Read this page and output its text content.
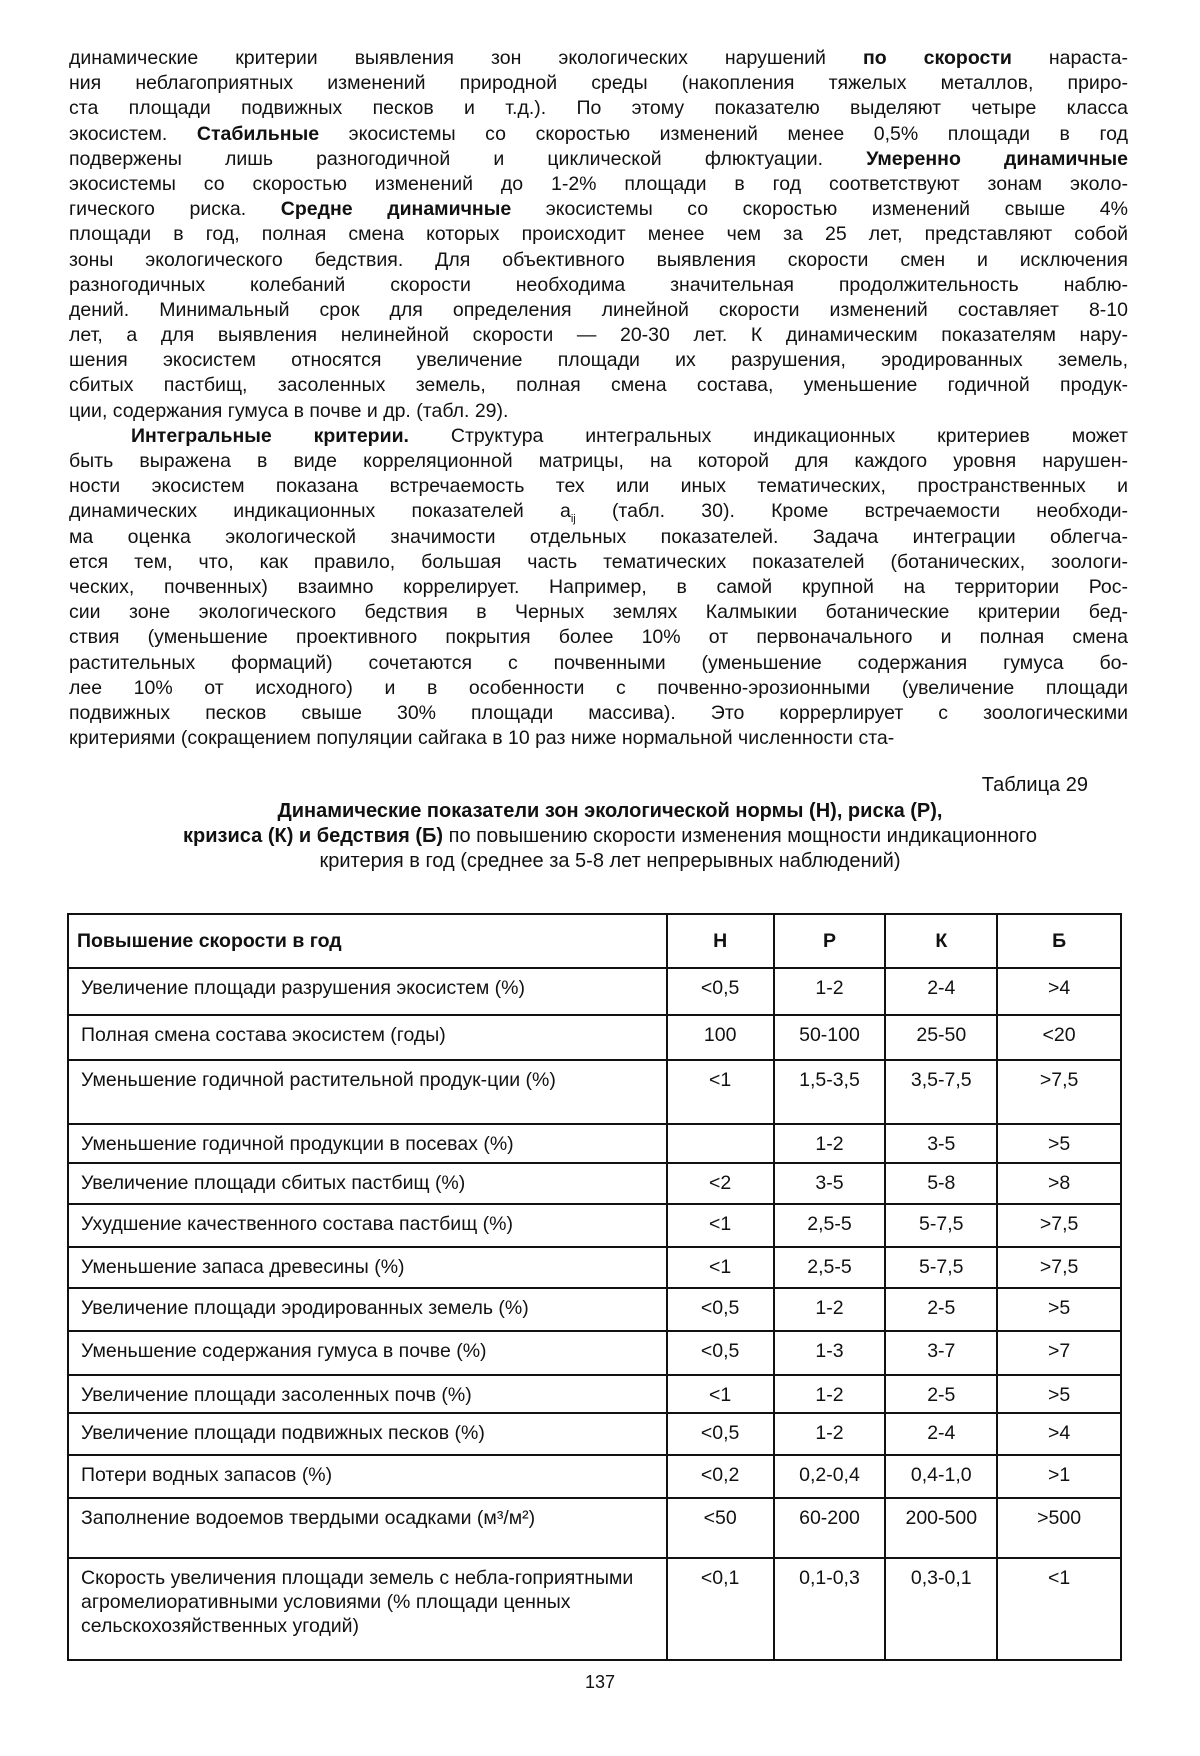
динамические критерии выявления зон экологических нарушений по скорости нараста-
ния неблагоприятных изменений природной среды (накопления тяжелых металлов, приро-
ста площади подвижных песков и т.д.). По этому показателю выделяют четыре класса
экосистем. Стабильные экосистемы со скоростью изменений менее 0,5% площади в год
подвержены лишь разногодичной и циклической флюктуации. Умеренно динамичные
экосистемы со скоростью изменений до 1-2% площади в год соответствуют зонам эколо-
гического риска. Средне динамичные экосистемы со скоростью изменений свыше 4%
площади в год, полная смена которых происходит менее чем за 25 лет, представляют собой
зоны экологического бедствия. Для объективного выявления скорости смен и исключения
разногодичных колебаний скорости необходима значительная продолжительность наблю-
дений. Минимальный срок для определения линейной скорости изменений составляет 8-10
лет, а для выявления нелинейной скорости — 20-30 лет. К динамическим показателям нару-
шения экосистем относятся увеличение площади их разрушения, эродированных земель,
сбитых пастбищ, засоленных земель, полная смена состава, уменьшение годичной продук-
ции, содержания гумуса в почве и др. (табл. 29).
Интегральные критерии. Структура интегральных индикационных критериев может
быть выражена в виде корреляционной матрицы, на которой для каждого уровня нарушен-
ности экосистем показана встречаемость тех или иных тематических, пространственных и
динамических индикационных показателей aij (табл. 30). Кроме встречаемости необходи-
ма оценка экологической значимости отдельных показателей. Задача интеграции облегча-
ется тем, что, как правило, большая часть тематических показателей (ботанических, зоологи-
ческих, почвенных) взаимно коррелирует. Например, в самой крупной на территории Рос-
сии зоне экологического бедствия в Черных землях Калмыкии ботанические критерии бед-
ствия (уменьшение проективного покрытия более 10% от первоначального и полная смена
растительных формаций) сочетаются с почвенными (уменьшение содержания гумуса бо-
лее 10% от исходного) и в особенности с почвенно-эрозионными (увеличение площади
подвижных песков свыше 30% площади массива). Это коррерлирует с зоологическими
критериями (сокращением популяции сайгака в 10 раз ниже нормальной численности ста-
Таблица 29
Динамические показатели зон экологической нормы (Н), риска (Р),
кризиса (К) и бедствия (Б) по повышению скорости изменения мощности индикационного критерия в год (среднее за 5-8 лет непрерывных наблюдений)
Повышение скорости в год	Н	Р	К	Б
Увеличение площади разрушения экосистем (%)	<0,5	1-2	2-4	>4
Полная смена состава экосистем (годы)	100	50-100	25-50	<20
Уменьшение годичной растительной продук-ции (%)	<1	1,5-3,5	3,5-7,5	>7,5
Уменьшение годичной продукции в посевах (%)		1-2	3-5	>5
Увеличение площади сбитых пастбищ (%)	<2	3-5	5-8	>8
Ухудшение качественного состава пастбищ (%)	<1	2,5-5	5-7,5	>7,5
Уменьшение запаса древесины (%)	<1	2,5-5	5-7,5	>7,5
Увеличение площади эродированных земель (%)	<0,5	1-2	2-5	>5
Уменьшение содержания гумуса в почве (%)	<0,5	1-3	3-7	>7
Увеличение площади засоленных почв (%)	<1	1-2	2-5	>5
Увеличение площади подвижных песков (%)	<0,5	1-2	2-4	>4
Потери водных запасов (%)	<0,2	0,2-0,4	0,4-1,0	>1
Заполнение водоемов твердыми осадками (м³/м²)	<50	60-200	200-500	>500
Скорость увеличения площади земель с небла-гоприятными агромелиоративными условиями (% площади ценных сельскохозяйственных угодий)	<0,1	0,1-0,3	0,3-0,1	<1
137
